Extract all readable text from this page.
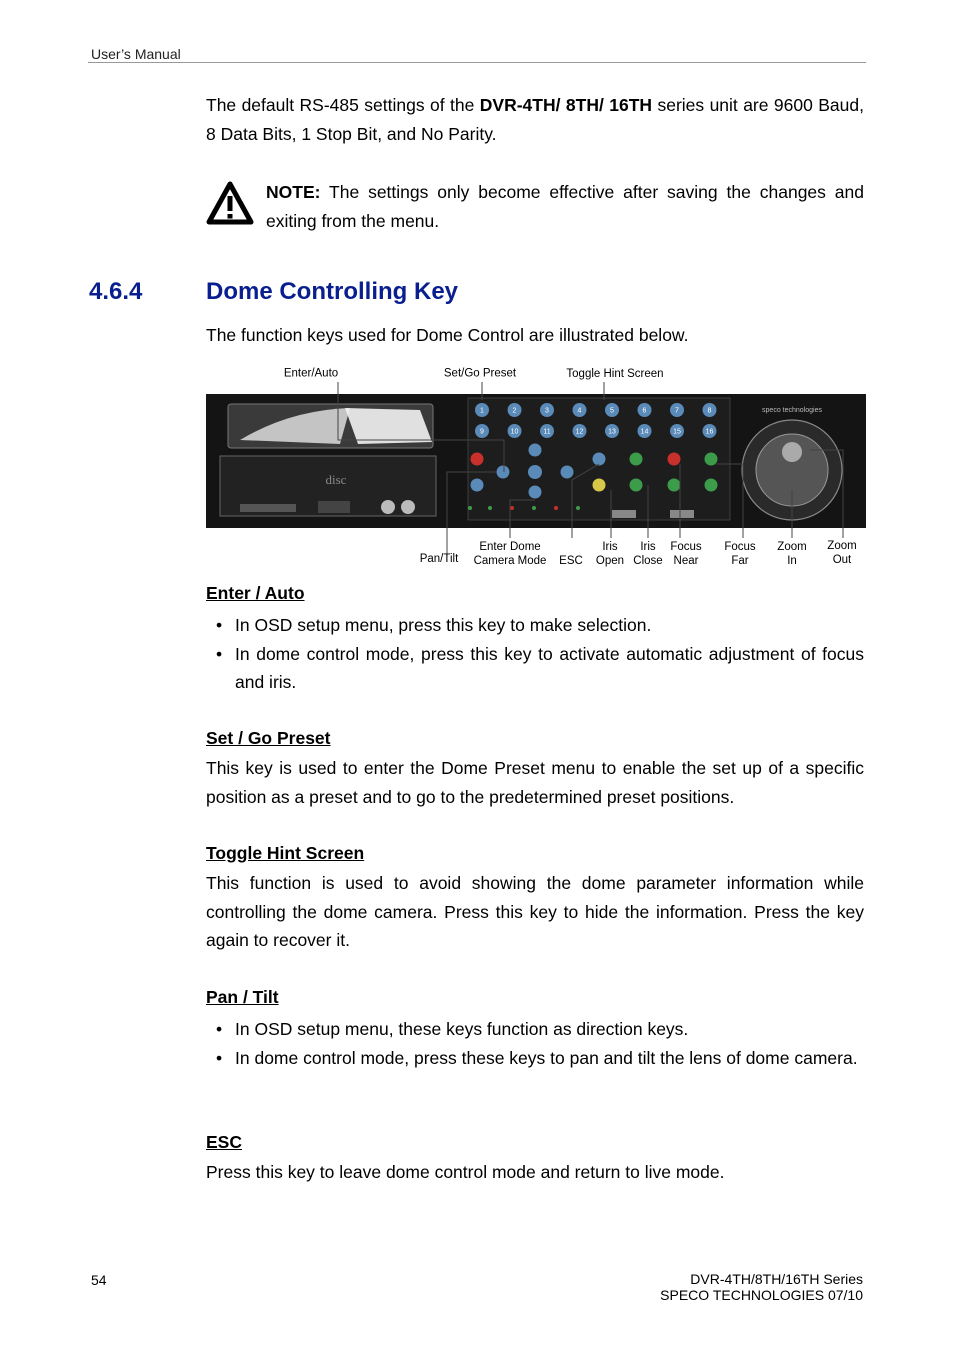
User’s Manual
The default RS-485 settings of the DVR-4TH/ 8TH/ 16TH series unit are 9600 Baud, 8 Data Bits, 1 Stop Bit, and No Parity.
NOTE: The settings only become effective after saving the changes and exiting from the menu.
4.6.4	Dome Controlling Key
The function keys used for Dome Control are illustrated below.
Enter/Auto	Set/Go Preset	Toggle Hint Screen
disc
speco technologies
1	2	3	4	5	6	7	8
9	10	11	12	13	14	15	16
Pan/Tilt
Enter Dome
Camera Mode ESC
Iris
Open
Iris
Close
Focus
Near
Focus
Far
Zoom
In
Zoom
Out
Enter / Auto
• In OSD setup menu, press this key to make selection.
• In dome control mode, press this key to activate automatic adjustment of focus and iris.
Set / Go Preset
This key is used to enter the Dome Preset menu to enable the set up of a specific position as a preset and to go to the predetermined preset positions.
Toggle Hint Screen
This function is used to avoid showing the dome parameter information while controlling the dome camera. Press this key to hide the information. Press the key again to recover it.
Pan / Tilt
• In OSD setup menu, these keys function as direction keys.
• In dome control mode, press these keys to pan and tilt the lens of dome camera.
ESC
Press this key to leave dome control mode and return to live mode.
54	DVR-4TH/8TH/16TH Series
SPECO TECHNOLOGIES 07/10
